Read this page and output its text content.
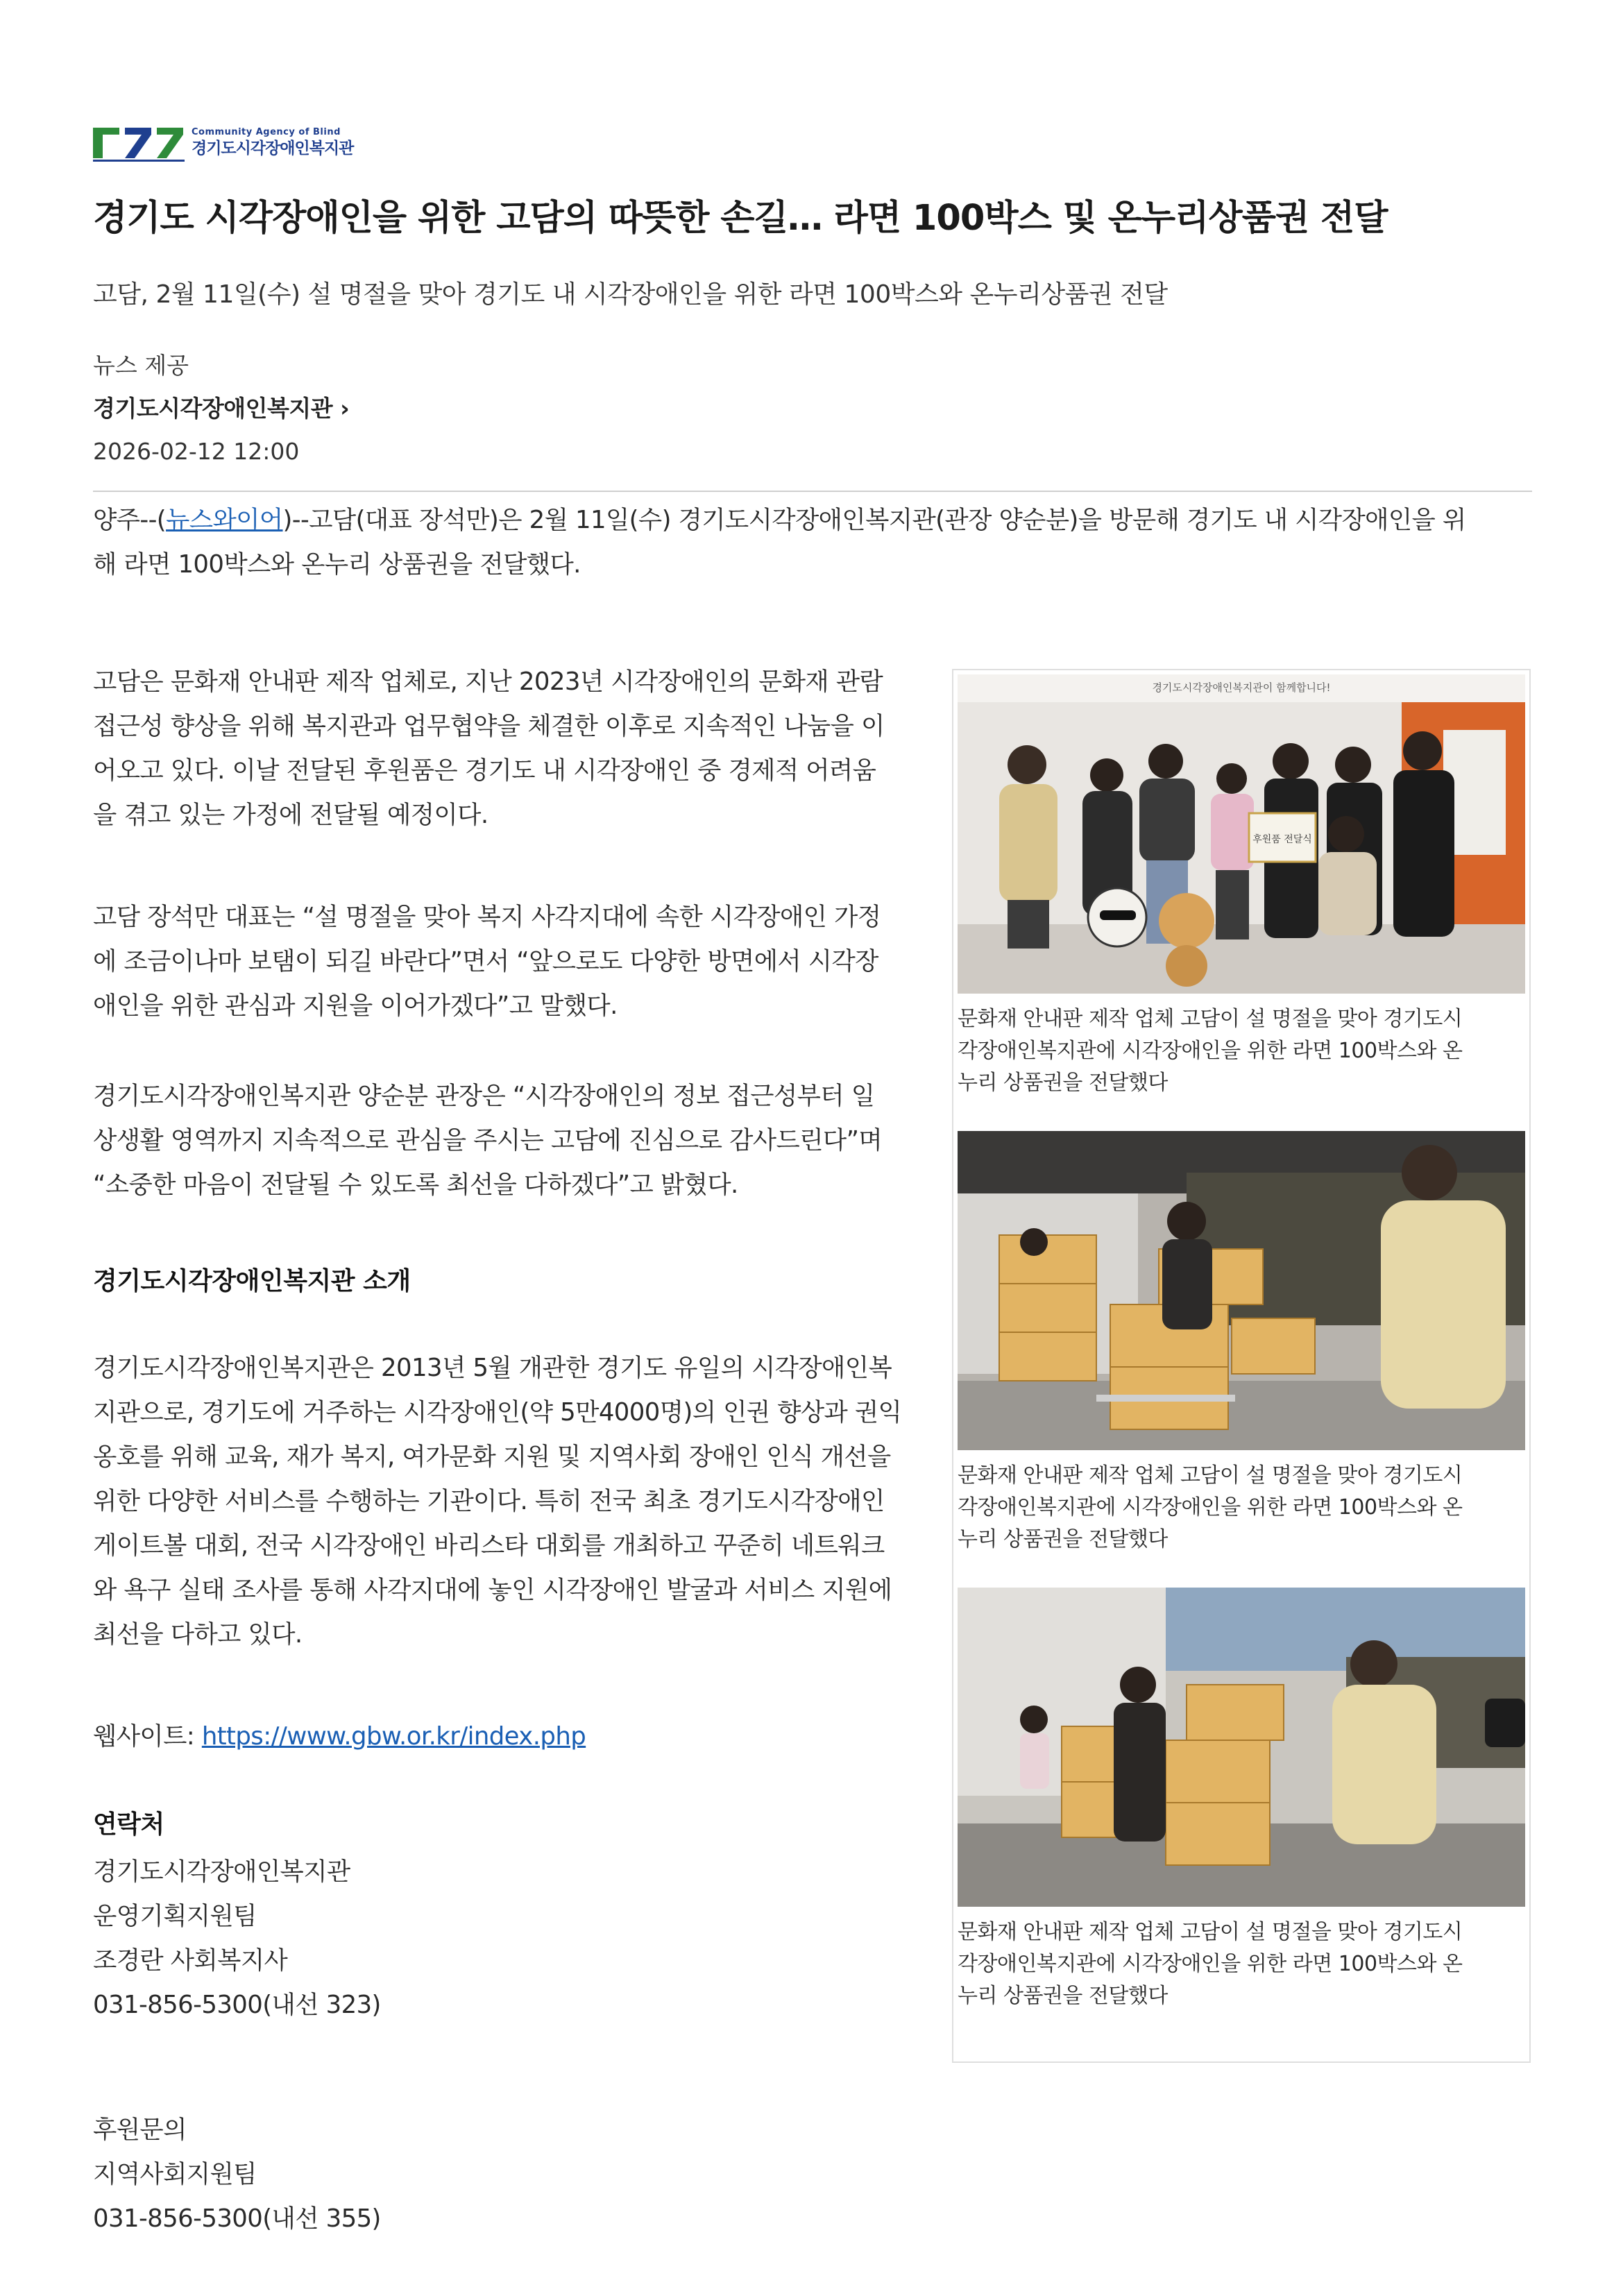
Community Agency of Blind
경기도시각장애인복지관
경기도 시각장애인을 위한 고담의 따뜻한 손길… 라면 100박스 및 온누리상품권 전달
고담, 2월 11일(수) 설 명절을 맞아 경기도 내 시각장애인을 위한 라면 100박스와 온누리상품권 전달
뉴스 제공
경기도시각장애인복지관 ›
2026-02-12 12:00

양주--(뉴스와이어)--고담(대표 장석만)은 2월 11일(수) 경기도시각장애인복지관(관장 양순분)을 방문해 경기도 내 시각장애인을 위
해 라면 100박스와 온누리 상품권을 전달했다.

고담은 문화재 안내판 제작 업체로, 지난 2023년 시각장애인의 문화재 관람
접근성 향상을 위해 복지관과 업무협약을 체결한 이후로 지속적인 나눔을 이
어오고 있다. 이날 전달된 후원품은 경기도 내 시각장애인 중 경제적 어려움
을 겪고 있는 가정에 전달될 예정이다.

고담 장석만 대표는 “설 명절을 맞아 복지 사각지대에 속한 시각장애인 가정
에 조금이나마 보탬이 되길 바란다”면서 “앞으로도 다양한 방면에서 시각장
애인을 위한 관심과 지원을 이어가겠다”고 말했다.

경기도시각장애인복지관 양순분 관장은 “시각장애인의 정보 접근성부터 일
상생활 영역까지 지속적으로 관심을 주시는 고담에 진심으로 감사드린다”며
“소중한 마음이 전달될 수 있도록 최선을 다하겠다”고 밝혔다.

경기도시각장애인복지관 소개

경기도시각장애인복지관은 2013년 5월 개관한 경기도 유일의 시각장애인복
지관으로, 경기도에 거주하는 시각장애인(약 5만4000명)의 인권 향상과 권익
옹호를 위해 교육, 재가 복지, 여가문화 지원 및 지역사회 장애인 인식 개선을
위한 다양한 서비스를 수행하는 기관이다. 특히 전국 최초 경기도시각장애인
게이트볼 대회, 전국 시각장애인 바리스타 대회를 개최하고 꾸준히 네트워크
와 욕구 실태 조사를 통해 사각지대에 놓인 시각장애인 발굴과 서비스 지원에
최선을 다하고 있다.

웹사이트: https://www.gbw.or.kr/index.php

연락처

경기도시각장애인복지관
운영기획지원팀
조경란 사회복지사
031-856-5300(내선 323)

후원문의
지역사회지원팀
031-856-5300(내선 355)

경기도시각장애인복지관이 함께합니다!
후원품 전달식
문화재 안내판 제작 업체 고담이 설 명절을 맞아 경기도시
각장애인복지관에 시각장애인을 위한 라면 100박스와 온
누리 상품권을 전달했다
문화재 안내판 제작 업체 고담이 설 명절을 맞아 경기도시
각장애인복지관에 시각장애인을 위한 라면 100박스와 온
누리 상품권을 전달했다
문화재 안내판 제작 업체 고담이 설 명절을 맞아 경기도시
각장애인복지관에 시각장애인을 위한 라면 100박스와 온
누리 상품권을 전달했다
